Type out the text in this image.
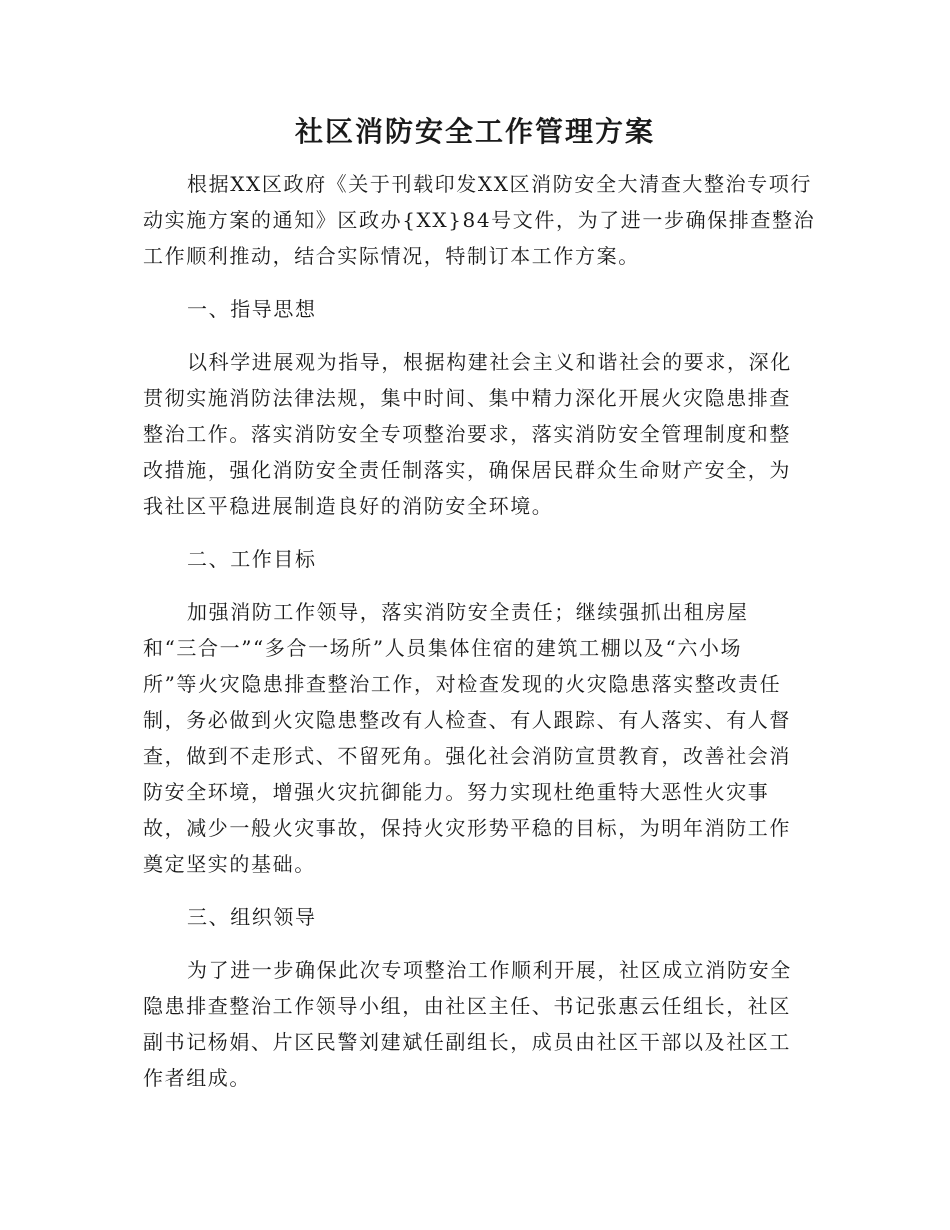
社区消防安全工作管理方案

根据XX区政府《关于刊载印发XX区消防安全大清查大整治专项行

动实施方案的通知》区政办{XX}84号文件，为了进一步确保排查整治

工作顺利推动，结合实际情况，特制订本工作方案。

一、指导思想

以科学进展观为指导，根据构建社会主义和谐社会的要求，深化

贯彻实施消防法律法规，集中时间、集中精力深化开展火灾隐患排查

整治工作。落实消防安全专项整治要求，落实消防安全管理制度和整

改措施，强化消防安全责任制落实，确保居民群众生命财产安全，为

我社区平稳进展制造良好的消防安全环境。

二、工作目标

加强消防工作领导，落实消防安全责任；继续强抓出租房屋

和“三合一”“多合一场所”人员集体住宿的建筑工棚以及“六小场

所”等火灾隐患排查整治工作，对检查发现的火灾隐患落实整改责任

制，务必做到火灾隐患整改有人检查、有人跟踪、有人落实、有人督

查，做到不走形式、不留死角。强化社会消防宣贯教育，改善社会消

防安全环境，增强火灾抗御能力。努力实现杜绝重特大恶性火灾事

故，减少一般火灾事故，保持火灾形势平稳的目标，为明年消防工作

奠定坚实的基础。

三、组织领导

为了进一步确保此次专项整治工作顺利开展，社区成立消防安全

隐患排查整治工作领导小组，由社区主任、书记张惠云任组长，社区

副书记杨娟、片区民警刘建斌任副组长，成员由社区干部以及社区工

作者组成。
